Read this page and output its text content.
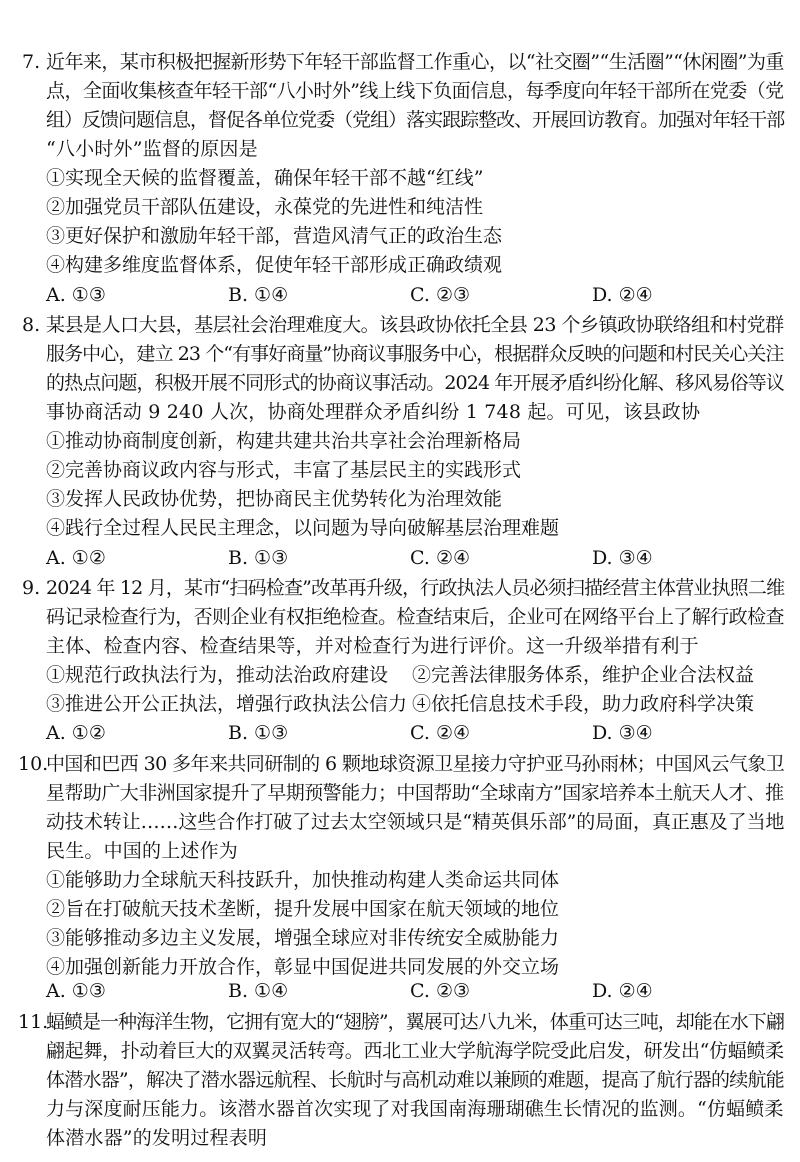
7. 近年来，某市积极把握新形势下年轻干部监督工作重心，以“社交圈”“生活圈”“休闲圈”为重
点，全面收集核查年轻干部“八小时外”线上线下负面信息，每季度向年轻干部所在党委（党
组）反馈问题信息，督促各单位党委（党组）落实跟踪整改、开展回访教育。加强对年轻干部
“八小时外”监督的原因是
①实现全天候的监督覆盖，确保年轻干部不越“红线”
②加强党员干部队伍建设，永葆党的先进性和纯洁性
③更好保护和激励年轻干部，营造风清气正的政治生态
④构建多维度监督体系，促使年轻干部形成正确政绩观
A. ①③	B. ①④	C. ②③	D. ②④
8. 某县是人口大县，基层社会治理难度大。该县政协依托全县 23 个乡镇政协联络组和村党群
服务中心，建立 23 个“有事好商量”协商议事服务中心，根据群众反映的问题和村民关心关注
的热点问题，积极开展不同形式的协商议事活动。2024 年开展矛盾纠纷化解、移风易俗等议
事协商活动 9 240 人次，协商处理群众矛盾纠纷 1 748 起。可见，该县政协
①推动协商制度创新，构建共建共治共享社会治理新格局
②完善协商议政内容与形式，丰富了基层民主的实践形式
③发挥人民政协优势，把协商民主优势转化为治理效能
④践行全过程人民民主理念，以问题为导向破解基层治理难题
A. ①②	B. ①③	C. ②④	D. ③④
9. 2024 年 12 月，某市“扫码检查”改革再升级，行政执法人员必须扫描经营主体营业执照二维
码记录检查行为，否则企业有权拒绝检查。检查结束后，企业可在网络平台上了解行政检查
主体、检查内容、检查结果等，并对检查行为进行评价。这一升级举措有利于
①规范行政执法行为，推动法治政府建设 ②完善法律服务体系，维护企业合法权益
③推进公开公正执法，增强行政执法公信力 ④依托信息技术手段，助力政府科学决策
A. ①②	B. ①③	C. ②④	D. ③④
10.
中国和巴西 30 多年来共同研制的 6 颗地球资源卫星接力守护亚马孙雨林；中国风云气象卫
星帮助广大非洲国家提升了早期预警能力；中国帮助“全球南方”国家培养本土航天人才、推
动技术转让……这些合作打破了过去太空领域只是“精英俱乐部”的局面，真正惠及了当地
民生。中国的上述作为
①能够助力全球航天科技跃升，加快推动构建人类命运共同体
②旨在打破航天技术垄断，提升发展中国家在航天领域的地位
③能够推动多边主义发展，增强全球应对非传统安全威胁能力
④加强创新能力开放合作，彰显中国促进共同发展的外交立场
A. ①③	B. ①④	C. ②③	D. ②④
11.
蝠鲼是一种海洋生物，它拥有宽大的“翅膀”，翼展可达八九米，体重可达三吨，却能在水下翩
翩起舞，扑动着巨大的双翼灵活转弯。西北工业大学航海学院受此启发，研发出“仿蝠鲼柔
体潜水器”，解决了潜水器远航程、长航时与高机动难以兼顾的难题，提高了航行器的续航能
力与深度耐压能力。该潜水器首次实现了对我国南海珊瑚礁生长情况的监测。“仿蝠鲼柔
体潜水器”的发明过程表明
